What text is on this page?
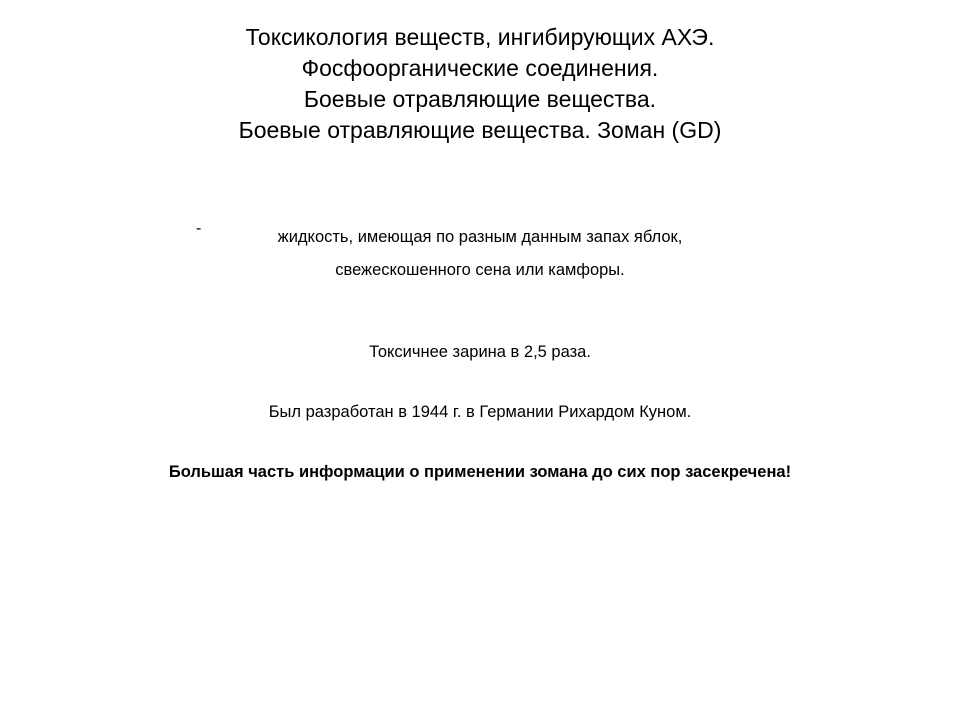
Токсикология веществ, ингибирующих АХЭ.
Фосфоорганические соединения.
Боевые отравляющие вещества.
Боевые отравляющие вещества. Зоман (GD)
-	жидкость, имеющая по разным данным запах яблок,
свежескошенного сена или камфоры.
Токсичнее зарина в 2,5 раза.
Был разработан в 1944 г. в Германии Рихардом Куном.
Большая часть информации о применении зомана до сих пор засекречена!
